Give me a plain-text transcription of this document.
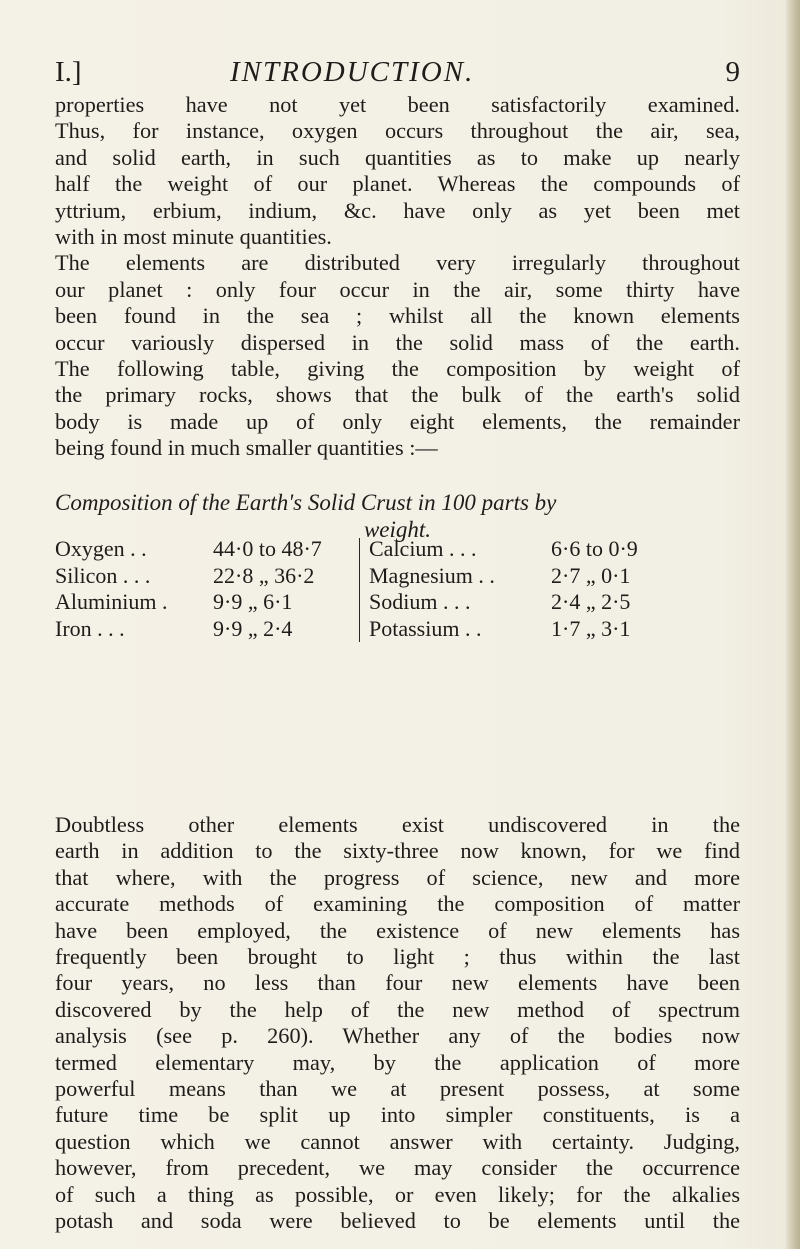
I.]	INTRODUCTION.	9
properties have not yet been satisfactorily examined.
Thus, for instance, oxygen occurs throughout the air, sea,
and solid earth, in such quantities as to make up nearly
half the weight of our planet. Whereas the compounds of
yttrium, erbium, indium, &c. have only as yet been met
with in most minute quantities.
The elements are distributed very irregularly throughout
our planet : only four occur in the air, some thirty have
been found in the sea ; whilst all the known elements
occur variously dispersed in the solid mass of the earth.
The following table, giving the composition by weight of
the primary rocks, shows that the bulk of the earth's solid
body is made up of only eight elements, the remainder
being found in much smaller quantities :—
Composition of the Earth's Solid Crust in 100 parts by
weight.
Oxygen . .
Silicon . . .
Aluminium .
Iron . . .
44·0 to 48·7
22·8 „ 36·2
9·9 „ 6·1
9·9 „ 2·4
Calcium . . .
Magnesium . .
Sodium . . .
Potassium . .
6·6 to 0·9
2·7 „ 0·1
2·4 „ 2·5
1·7 „ 3·1
Doubtless other elements exist undiscovered in the
earth in addition to the sixty-three now known, for we find
that where, with the progress of science, new and more
accurate methods of examining the composition of matter
have been employed, the existence of new elements has
frequently been brought to light ; thus within the last
four years, no less than four new elements have been
discovered by the help of the new method of spectrum
analysis (see p. 260). Whether any of the bodies now
termed elementary may, by the application of more
powerful means than we at present possess, at some
future time be split up into simpler constituents, is a
question which we cannot answer with certainty. Judging,
however, from precedent, we may consider the occurrence
of such a thing as possible, or even likely; for the alkalies
potash and soda were believed to be elements until the
